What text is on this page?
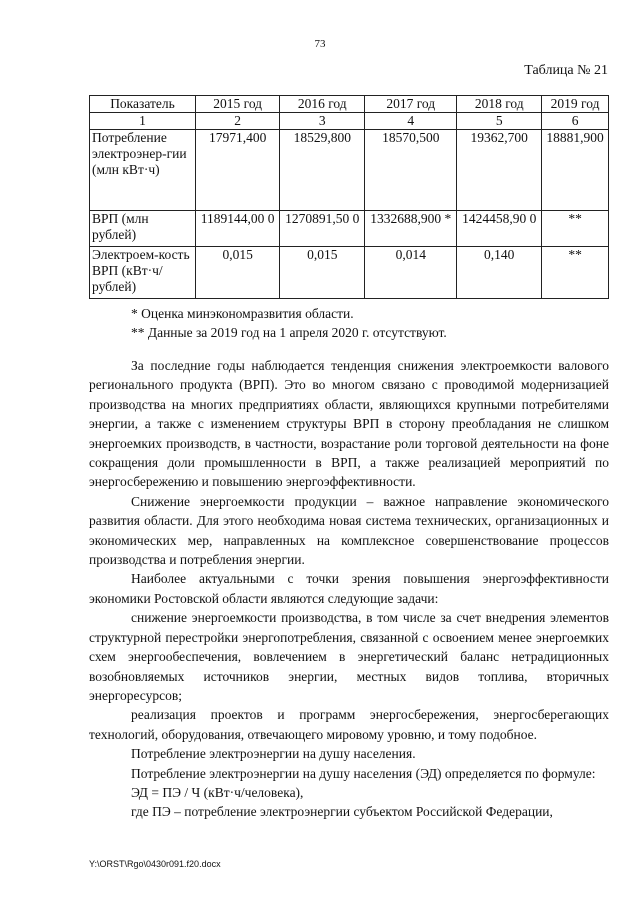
73
Таблица № 21
Показатель	2015 год	2016 год	2017 год	2018 год	2019 год
1	2	3	4	5	6
Потребление электроэнер-гии (млн кВт·ч)	17971,400	18529,800	18570,500	19362,700	18881,900
ВРП (млн рублей)	1189144,00 0	1270891,50 0	1332688,900 *	1424458,90 0	**
Электроем-кость ВРП (кВт·ч/ рублей)	0,015	0,015	0,014	0,140	**
* Оценка минэкономразвития области.
** Данные за 2019 год на 1 апреля 2020 г. отсутствуют.

За последние годы наблюдается тенденция снижения электроемкости валового регионального продукта (ВРП). Это во многом связано с проводимой модернизацией производства на многих предприятиях области, являющихся крупными потребителями энергии, а также с изменением структуры ВРП в сторону преобладания не слишком энергоемких производств, в частности, возрастание роли торговой деятельности на фоне сокращения доли промышленности в ВРП, а также реализацией мероприятий по энергосбережению и повышению энергоэффективности.

Снижение энергоемкости продукции – важное направление экономического развития области. Для этого необходима новая система технических, организационных и экономических мер, направленных на комплексное совершенствование процессов производства и потребления энергии.

Наиболее актуальными с точки зрения повышения энергоэффективности экономики Ростовской области являются следующие задачи:

снижение энергоемкости производства, в том числе за счет внедрения элементов структурной перестройки энергопотребления, связанной с освоением менее энергоемких схем энергообеспечения, вовлечением в энергетический баланс нетрадиционных возобновляемых источников энергии, местных видов топлива, вторичных энергоресурсов;

реализация проектов и программ энергосбережения, энергосберегающих технологий, оборудования, отвечающего мировому уровню, и тому подобное.

Потребление электроэнергии на душу населения.

Потребление электроэнергии на душу населения (ЭД) определяется по формуле:

ЭД = ПЭ / Ч (кВт·ч/человека),

где ПЭ – потребление электроэнергии субъектом Российской Федерации,

Y:\ORST\Rgo\0430r091.f20.docx
